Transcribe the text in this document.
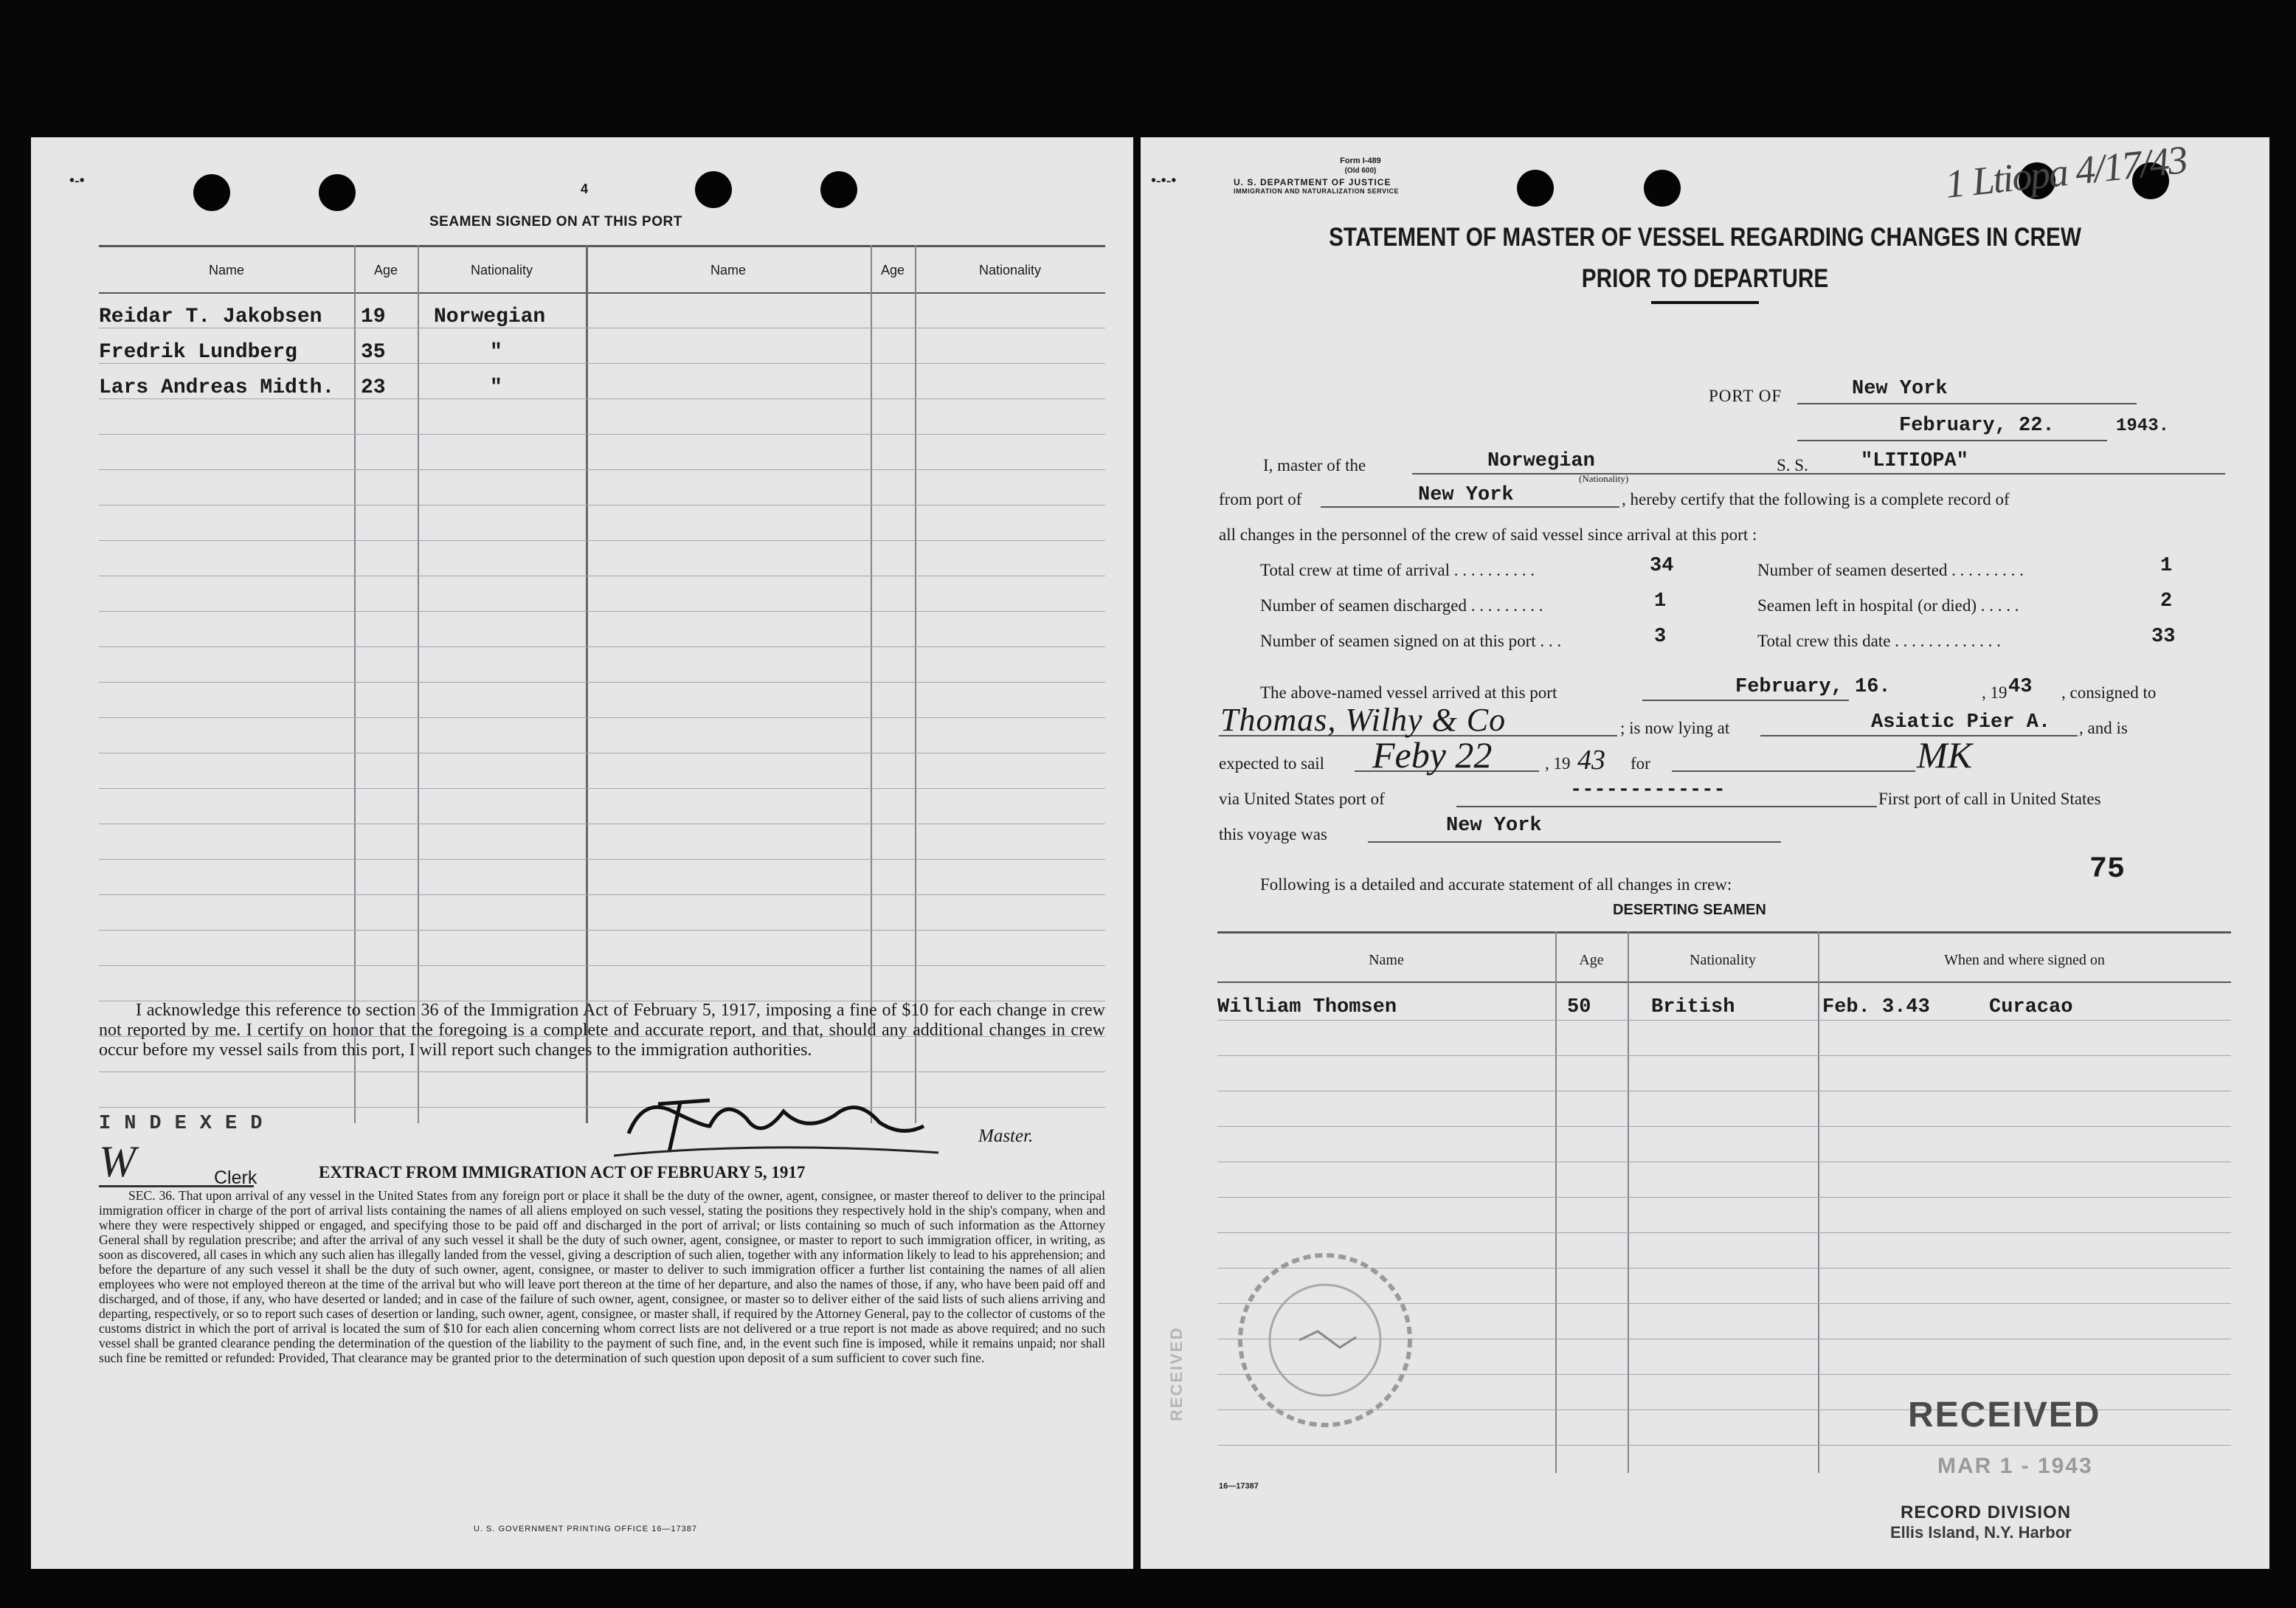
•-•	4
SEAMEN SIGNED ON AT THIS PORT
Name	Age	Nationality	Name	Age	Nationality
Reidar T. Jakobsen 19 Norwegian
Fredrik Lundberg	35	"
Lars Andreas Midth. 23	"
I acknowledge this reference to section 36 of the Immigration Act of February 5, 1917, imposing a fine of $10 for each change in crew not reported by me. I certify on honor that the foregoing is a complete and accurate report, and that, should any additional changes in crew occur before my vessel sails from this port, I will report such changes to the immigration authorities.
Master.
INDEXED
W	Clerk	EXTRACT FROM IMMIGRATION ACT OF FEBRUARY 5, 1917
SEC. 36. That upon arrival of any vessel in the United States from any foreign port or place it shall be the duty of the owner, agent, consignee, or master thereof to deliver to the principal immigration officer in charge of the port of arrival lists containing the names of all aliens employed on such vessel, stating the positions they respectively hold in the ship's company, when and where they were respectively shipped or engaged, and specifying those to be paid off and discharged in the port of arrival; or lists containing so much of such information as the Attorney General shall by regulation prescribe; and after the arrival of any such vessel it shall be the duty of such owner, agent, consignee, or master to report to such immigration officer, in writing, as soon as discovered, all cases in which any such alien has illegally landed from the vessel, giving a description of such alien, together with any information likely to lead to his apprehension; and before the departure of any such vessel it shall be the duty of such owner, agent, consignee, or master to deliver to such immigration officer a further list containing the names of all alien employees who were not employed thereon at the time of the arrival but who will leave port thereon at the time of her departure, and also the names of those, if any, who have been paid off and discharged, and of those, if any, who have deserted or landed; and in case of the failure of such owner, agent, consignee, or master so to deliver either of the said lists of such aliens arriving and departing, respectively, or so to report such cases of desertion or landing, such owner, agent, consignee, or master shall, if required by the Attorney General, pay to the collector of customs of the customs district in which the port of arrival is located the sum of $10 for each alien concerning whom correct lists are not delivered or a true report is not made as above required; and no such vessel shall be granted clearance pending the determination of the question of the liability to the payment of such fine, and, in the event such fine is imposed, while it remains unpaid; nor shall such fine be remitted or refunded: Provided, That clearance may be granted prior to the determination of such question upon deposit of a sum sufficient to cover such fine.
U. S. GOVERNMENT PRINTING OFFICE 16—17387
•-•-•
Form I-489
(Old 600)
U. S. DEPARTMENT OF JUSTICE
IMMIGRATION AND NATURALIZATION SERVICE	1 Ltiopa 4/17/43
STATEMENT OF MASTER OF VESSEL REGARDING CHANGES IN CREW
PRIOR TO DEPARTURE
PORT OF	New York
February, 22.	1943.
I, master of the	Norwegian
(Nationality)
S. S.	"LITIOPA"
from port of	New York	, hereby certify that the following is a complete record of
all changes in the personnel of the crew of said vessel since arrival at this port :
Total crew at time of arrival . . . . . . . . . .	34	Number of seamen deserted . . . . . . . . .	1
Number of seamen discharged . . . . . . . . .	1	Seamen left in hospital (or died) . . . . .	2
Number of seamen signed on at this port . . .	3	Total crew this date . . . . . . . . . . . . .	33
The above-named vessel arrived at this port	February, 16.	, 19 43 , consigned to
Thomas, Wilhy & Co	; is now lying at	Asiatic Pier A. , and is
expected to sail Feby 22	, 19 43 for	MK
via United States port of	-------------	First port of call in United States
this voyage was	New York
Following is a detailed and accurate statement of all changes in crew:	75
DESERTING SEAMEN
Name	Age	Nationality	When and where signed on
William Thomsen	50	British	Feb. 3.43	Curacao
16—17387
RECEIVED	RECEIVED
MAR 1 - 1943
RECORD DIVISION
Ellis Island, N.Y. Harbor
